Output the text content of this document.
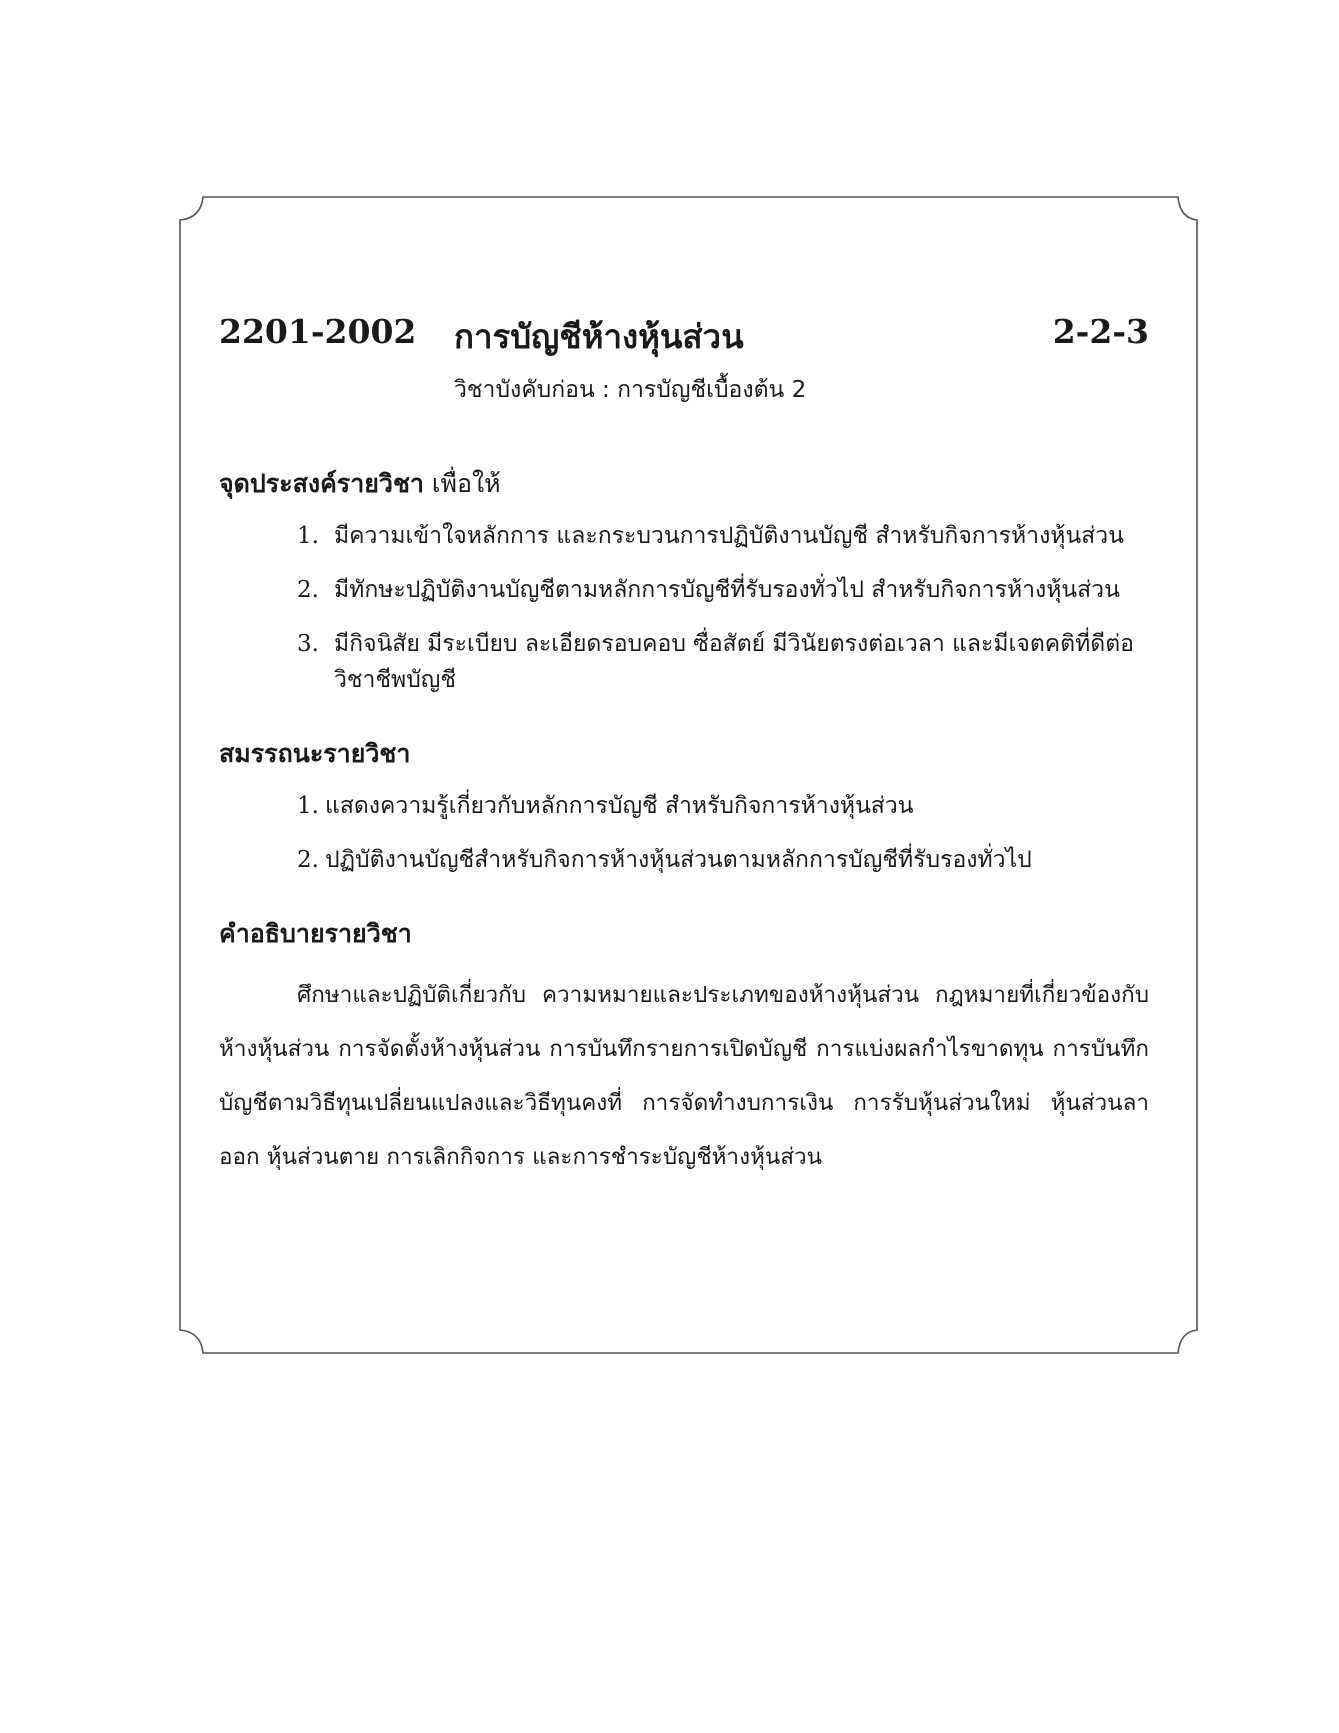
2201-2002 การบัญชีห้างหุ้นส่วน	2-2-3
วิชาบังคับก่อน : การบัญชีเบื้องต้น 2
จุดประสงค์รายวิชา เพื่อให้
1. มีความเข้าใจหลักการ และกระบวนการปฏิบัติงานบัญชี สำหรับกิจการห้างหุ้นส่วน
2. มีทักษะปฏิบัติงานบัญชีตามหลักการบัญชีที่รับรองทั่วไป สำหรับกิจการห้างหุ้นส่วน
3. มีกิจนิสัย มีระเบียบ ละเอียดรอบคอบ ซื่อสัตย์ มีวินัยตรงต่อเวลา และมีเจตคติที่ดีต่อวิชาชีพบัญชี
สมรรถนะรายวิชา
1. แสดงความรู้เกี่ยวกับหลักการบัญชี สำหรับกิจการห้างหุ้นส่วน
2. ปฏิบัติงานบัญชีสำหรับกิจการห้างหุ้นส่วนตามหลักการบัญชีที่รับรองทั่วไป
คำอธิบายรายวิชา
ศึกษาและปฏิบัติเกี่ยวกับ ความหมายและประเภทของห้างหุ้นส่วน กฎหมายที่เกี่ยวข้องกับห้างหุ้นส่วน การจัดตั้งห้างหุ้นส่วน การบันทึกรายการเปิดบัญชี การแบ่งผลกำไรขาดทุน การบันทึกบัญชีตามวิธีทุนเปลี่ยนแปลงและวิธีทุนคงที่ การจัดทำงบการเงิน การรับหุ้นส่วนใหม่ หุ้นส่วนลาออก หุ้นส่วนตาย การเลิกกิจการ และการชำระบัญชีห้างหุ้นส่วน
